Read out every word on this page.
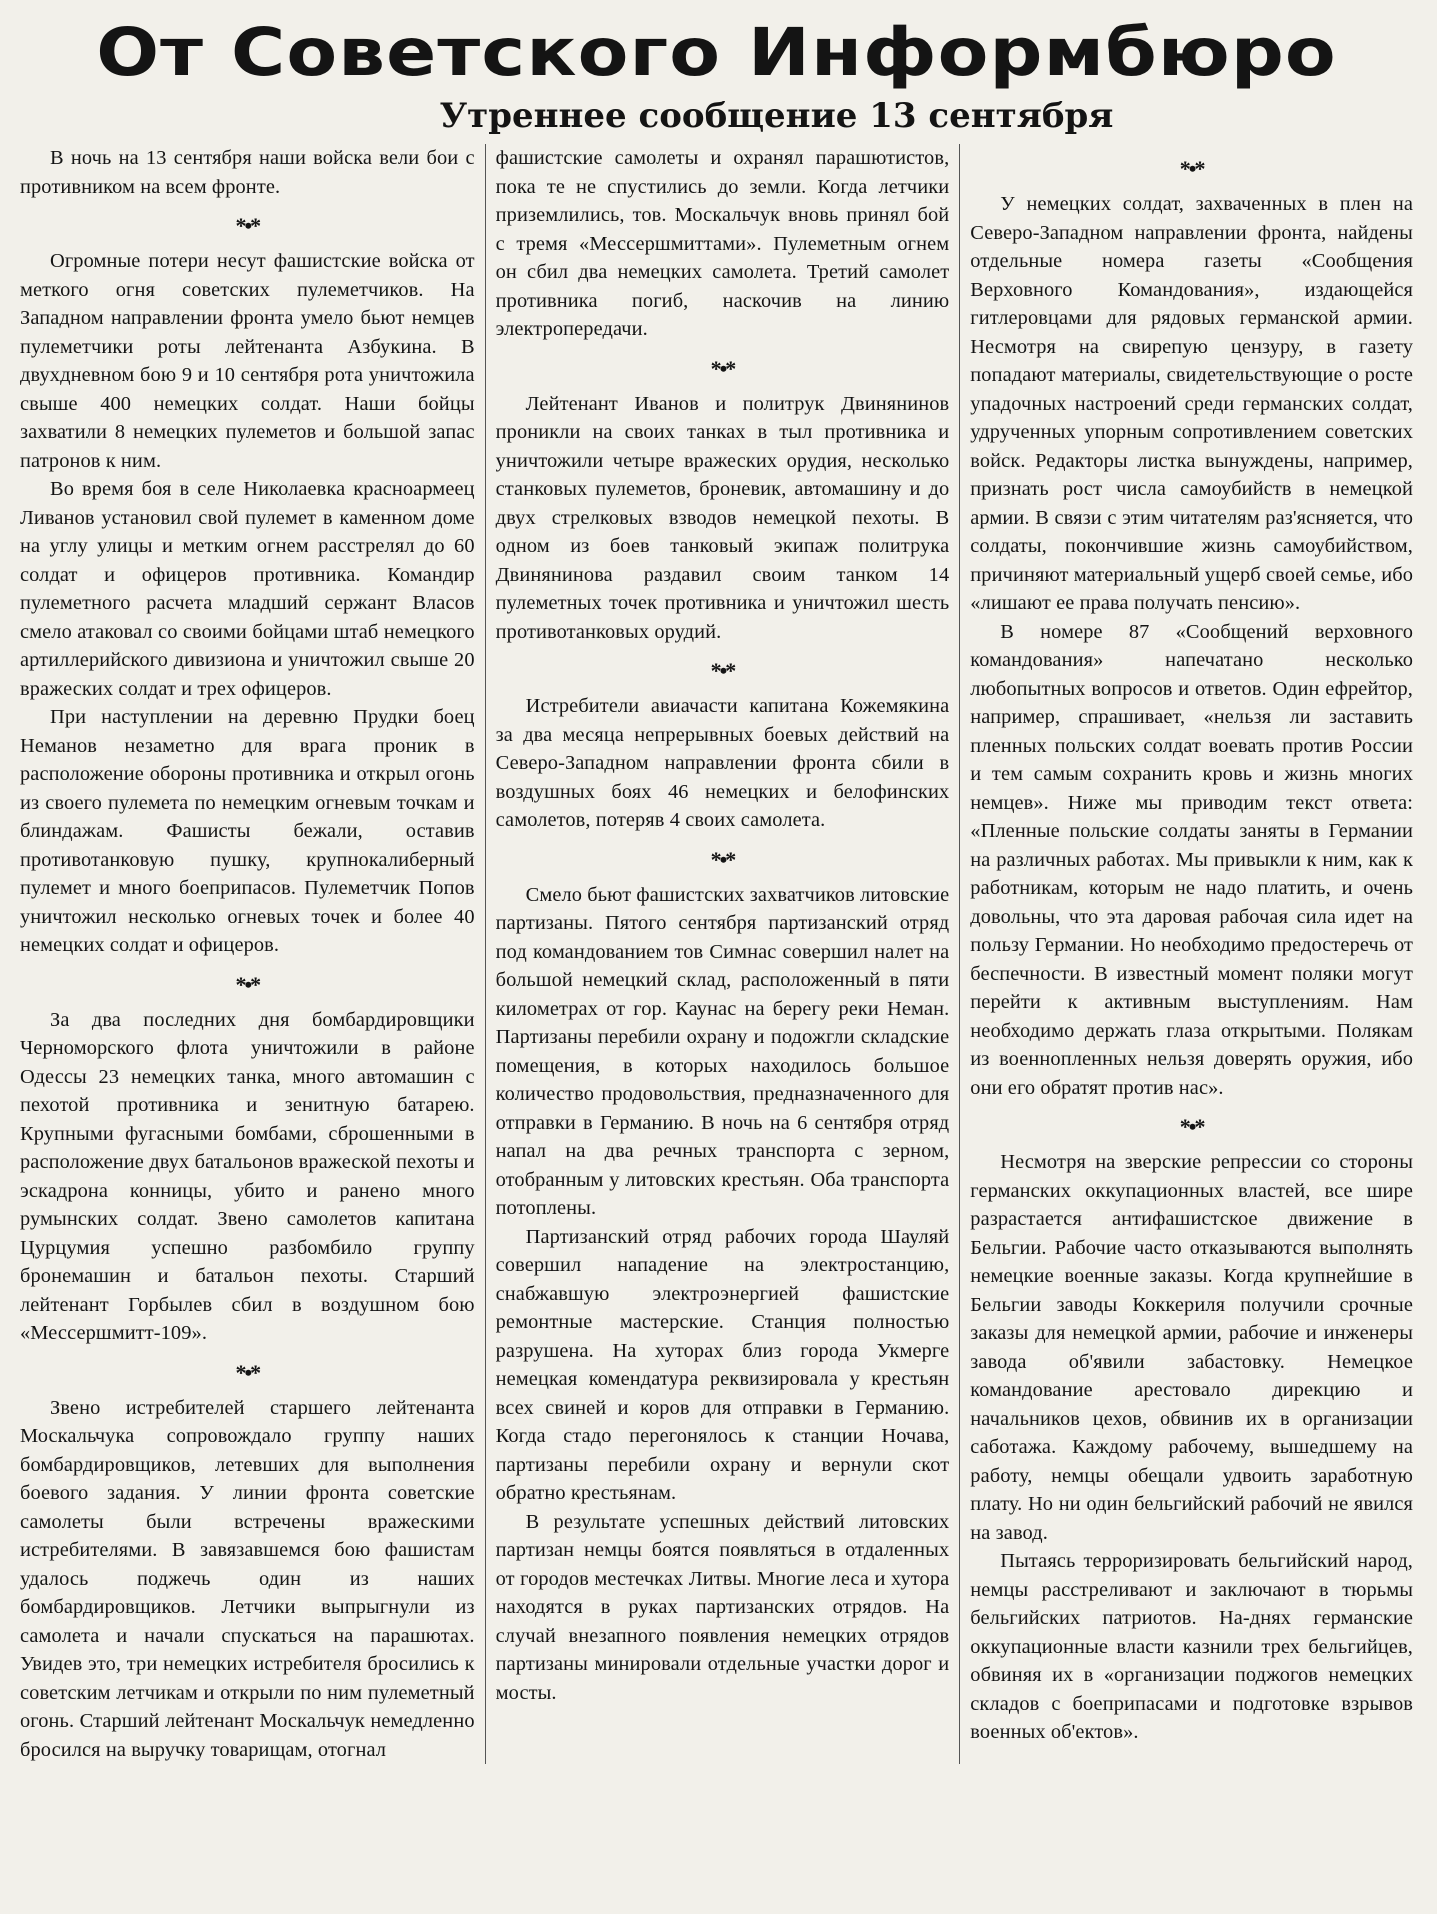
От Советского Информбюро
Утреннее сообщение 13 сентября

В ночь на 13 сентября наши войска вели бои с противником на всем фронте.

*•*

Огромные потери несут фашистские войска от меткого огня советских пулеметчиков. На Западном направлении фронта умело бьют немцев пулеметчики роты лейтенанта Азбукина. В двухдневном бою 9 и 10 сентября рота уничтожила свыше 400 немецких солдат. Наши бойцы захватили 8 немецких пулеметов и большой запас патронов к ним.

Во время боя в селе Николаевка красноармеец Ливанов установил свой пулемет в каменном доме на углу улицы и метким огнем расстрелял до 60 солдат и офицеров противника. Командир пулеметного расчета младший сержант Власов смело атаковал со своими бойцами штаб немецкого артиллерийского дивизиона и уничтожил свыше 20 вражеских солдат и трех офицеров.

При наступлении на деревню Прудки боец Неманов незаметно для врага проник в расположение обороны противника и открыл огонь из своего пулемета по немецким огневым точкам и блиндажам. Фашисты бежали, оставив противотанковую пушку, крупнокалиберный пулемет и много боеприпасов. Пулеметчик Попов уничтожил несколько огневых точек и более 40 немецких солдат и офицеров.

*•*

За два последних дня бомбардировщики Черноморского флота уничтожили в районе Одессы 23 немецких танка, много автомашин с пехотой противника и зенитную батарею. Крупными фугасными бомбами, сброшенными в расположение двух батальонов вражеской пехоты и эскадрона конницы, убито и ранено много румынских солдат. Звено самолетов капитана Цурцумия успешно разбомбило группу бронемашин и батальон пехоты. Старший лейтенант Горбылев сбил в воздушном бою «Мессершмитт-109».

*•*

Звено истребителей старшего лейтенанта Москальчука сопровождало группу наших бомбардировщиков, летевших для выполнения боевого задания. У линии фронта советские самолеты были встречены вражескими истребителями. В завязавшемся бою фашистам удалось поджечь один из наших бомбардировщиков. Летчики выпрыгнули из самолета и начали спускаться на парашютах. Увидев это, три немецких истребителя бросились к советским летчикам и открыли по ним пулеметный огонь. Старший лейтенант Москальчук немедленно бросился на выручку товарищам, отогнал

фашистские самолеты и охранял парашютистов, пока те не спустились до земли. Когда летчики приземлились, тов. Москальчук вновь принял бой с тремя «Мессершмиттами». Пулеметным огнем он сбил два немецких самолета. Третий самолет противника погиб, наскочив на линию электропередачи.

*•*

Лейтенант Иванов и политрук Двинянинов проникли на своих танках в тыл противника и уничтожили четыре вражеских орудия, несколько станковых пулеметов, броневик, автомашину и до двух стрелковых взводов немецкой пехоты. В одном из боев танковый экипаж политрука Двинянинова раздавил своим танком 14 пулеметных точек противника и уничтожил шесть противотанковых орудий.

*•*

Истребители авиачасти капитана Кожемякина за два месяца непрерывных боевых действий на Северо-Западном направлении фронта сбили в воздушных боях 46 немецких и белофинских самолетов, потеряв 4 своих самолета.

*•*

Смело бьют фашистских захватчиков литовские партизаны. Пятого сентября партизанский отряд под командованием тов Симнас совершил налет на большой немецкий склад, расположенный в пяти километрах от гор. Каунас на берегу реки Неман. Партизаны перебили охрану и подожгли складские помещения, в которых находилось большое количество продовольствия, предназначенного для отправки в Германию. В ночь на 6 сентября отряд напал на два речных транспорта с зерном, отобранным у литовских крестьян. Оба транспорта потоплены.

Партизанский отряд рабочих города Шауляй совершил нападение на электростанцию, снабжавшую электроэнергией фашистские ремонтные мастерские. Станция полностью разрушена. На хуторах близ города Укмерге немецкая комендатура реквизировала у крестьян всех свиней и коров для отправки в Германию. Когда стадо перегонялось к станции Ночава, партизаны перебили охрану и вернули скот обратно крестьянам.

В результате успешных действий литовских партизан немцы боятся появляться в отдаленных от городов местечках Литвы. Многие леса и хутора находятся в руках партизанских отрядов. На случай внезапного появления немецких отрядов партизаны минировали отдельные участки дорог и мосты.

*•*

У немецких солдат, захваченных в плен на Северо-Западном направлении фронта, найдены отдельные номера газеты «Сообщения Верховного Командования», издающейся гитлеровцами для рядовых германской армии. Несмотря на свирепую цензуру, в газету попадают материалы, свидетельствующие о росте упадочных настроений среди германских солдат, удрученных упорным сопротивлением советских войск. Редакторы листка вынуждены, например, признать рост числа самоубийств в немецкой армии. В связи с этим читателям раз'ясняется, что солдаты, покончившие жизнь самоубийством, причиняют материальный ущерб своей семье, ибо «лишают ее права получать пенсию».

В номере 87 «Сообщений верховного командования» напечатано несколько любопытных вопросов и ответов. Один ефрейтор, например, спрашивает, «нельзя ли заставить пленных польских солдат воевать против России и тем самым сохранить кровь и жизнь многих немцев». Ниже мы приводим текст ответа: «Пленные польские солдаты заняты в Германии на различных работах. Мы привыкли к ним, как к работникам, которым не надо платить, и очень довольны, что эта даровая рабочая сила идет на пользу Германии. Но необходимо предостеречь от беспечности. В известный момент поляки могут перейти к активным выступлениям. Нам необходимо держать глаза открытыми. Полякам из военнопленных нельзя доверять оружия, ибо они его обратят против нас».

*•*

Несмотря на зверские репрессии со стороны германских оккупационных властей, все шире разрастается антифашистское движение в Бельгии. Рабочие часто отказываются выполнять немецкие военные заказы. Когда крупнейшие в Бельгии заводы Коккериля получили срочные заказы для немецкой армии, рабочие и инженеры завода об'явили забастовку. Немецкое командование арестовало дирекцию и начальников цехов, обвинив их в организации саботажа. Каждому рабочему, вышедшему на работу, немцы обещали удвоить заработную плату. Но ни один бельгийский рабочий не явился на завод.

Пытаясь терроризировать бельгийский народ, немцы расстреливают и заключают в тюрьмы бельгийских патриотов. На-днях германские оккупационные власти казнили трех бельгийцев, обвиняя их в «организации поджогов немецких складов с боеприпасами и подготовке взрывов военных об'ектов».
